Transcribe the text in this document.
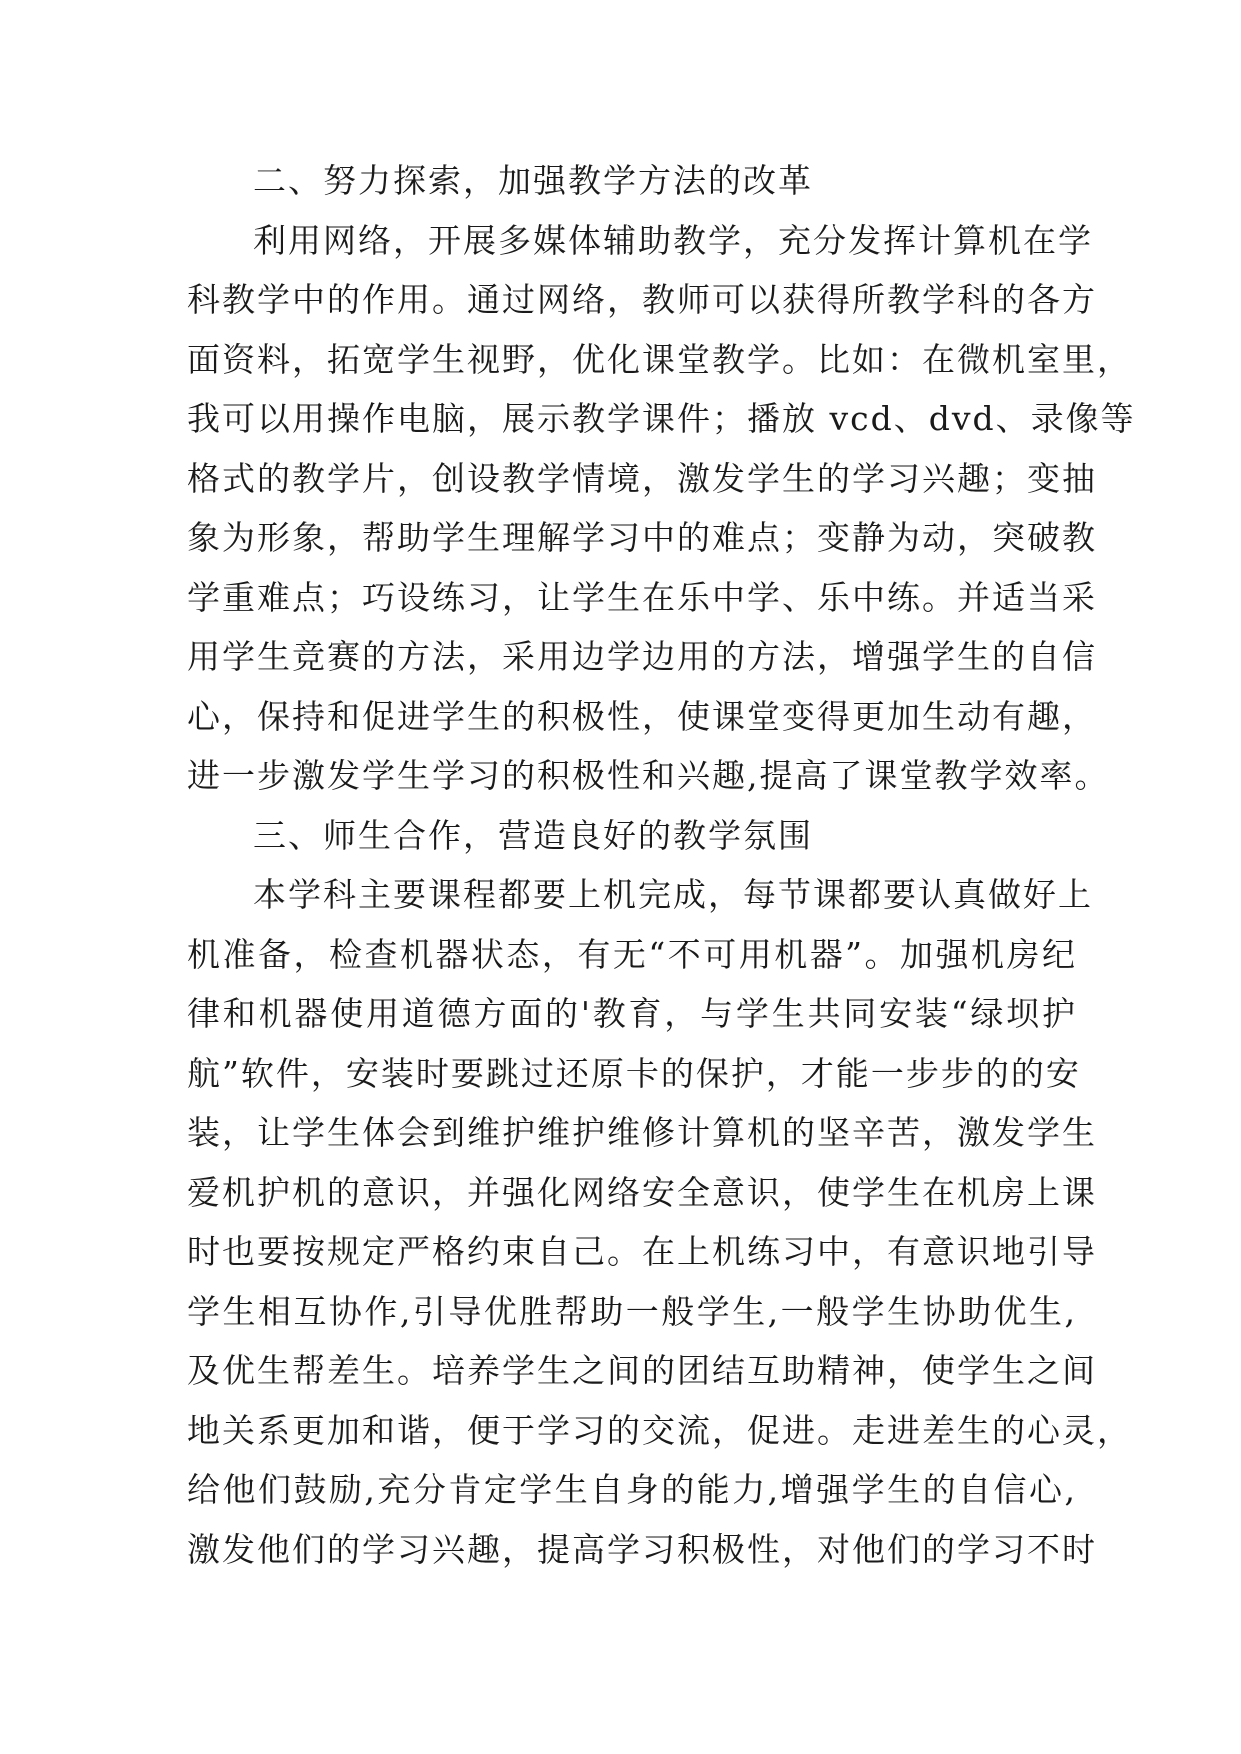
二、努力探索，加强教学方法的改革
利用网络，开展多媒体辅助教学，充分发挥计算机在学
科教学中的作用。通过网络，教师可以获得所教学科的各方
面资料，拓宽学生视野，优化课堂教学。比如：在微机室里，
我可以用操作电脑，展示教学课件；播放 vcd、dvd、录像等
格式的教学片，创设教学情境，激发学生的学习兴趣；变抽
象为形象，帮助学生理解学习中的难点；变静为动，突破教
学重难点；巧设练习，让学生在乐中学、乐中练。并适当采
用学生竞赛的方法，采用边学边用的方法，增强学生的自信
心，保持和促进学生的积极性，使课堂变得更加生动有趣，
进一步激发学生学习的积极性和兴趣,提高了课堂教学效率。
三、师生合作，营造良好的教学氛围
本学科主要课程都要上机完成，每节课都要认真做好上
机准备，检查机器状态，有无“不可用机器”。加强机房纪
律和机器使用道德方面的'教育，与学生共同安装“绿坝护
航”软件，安装时要跳过还原卡的保护，才能一步步的的安
装，让学生体会到维护维护维修计算机的坚辛苦，激发学生
爱机护机的意识，并强化网络安全意识，使学生在机房上课
时也要按规定严格约束自己。在上机练习中，有意识地引导
学生相互协作,引导优胜帮助一般学生,一般学生协助优生,
及优生帮差生。培养学生之间的团结互助精神，使学生之间
地关系更加和谐，便于学习的交流，促进。走进差生的心灵，
给他们鼓励,充分肯定学生自身的能力,增强学生的自信心,
激发他们的学习兴趣，提高学习积极性，对他们的学习不时
